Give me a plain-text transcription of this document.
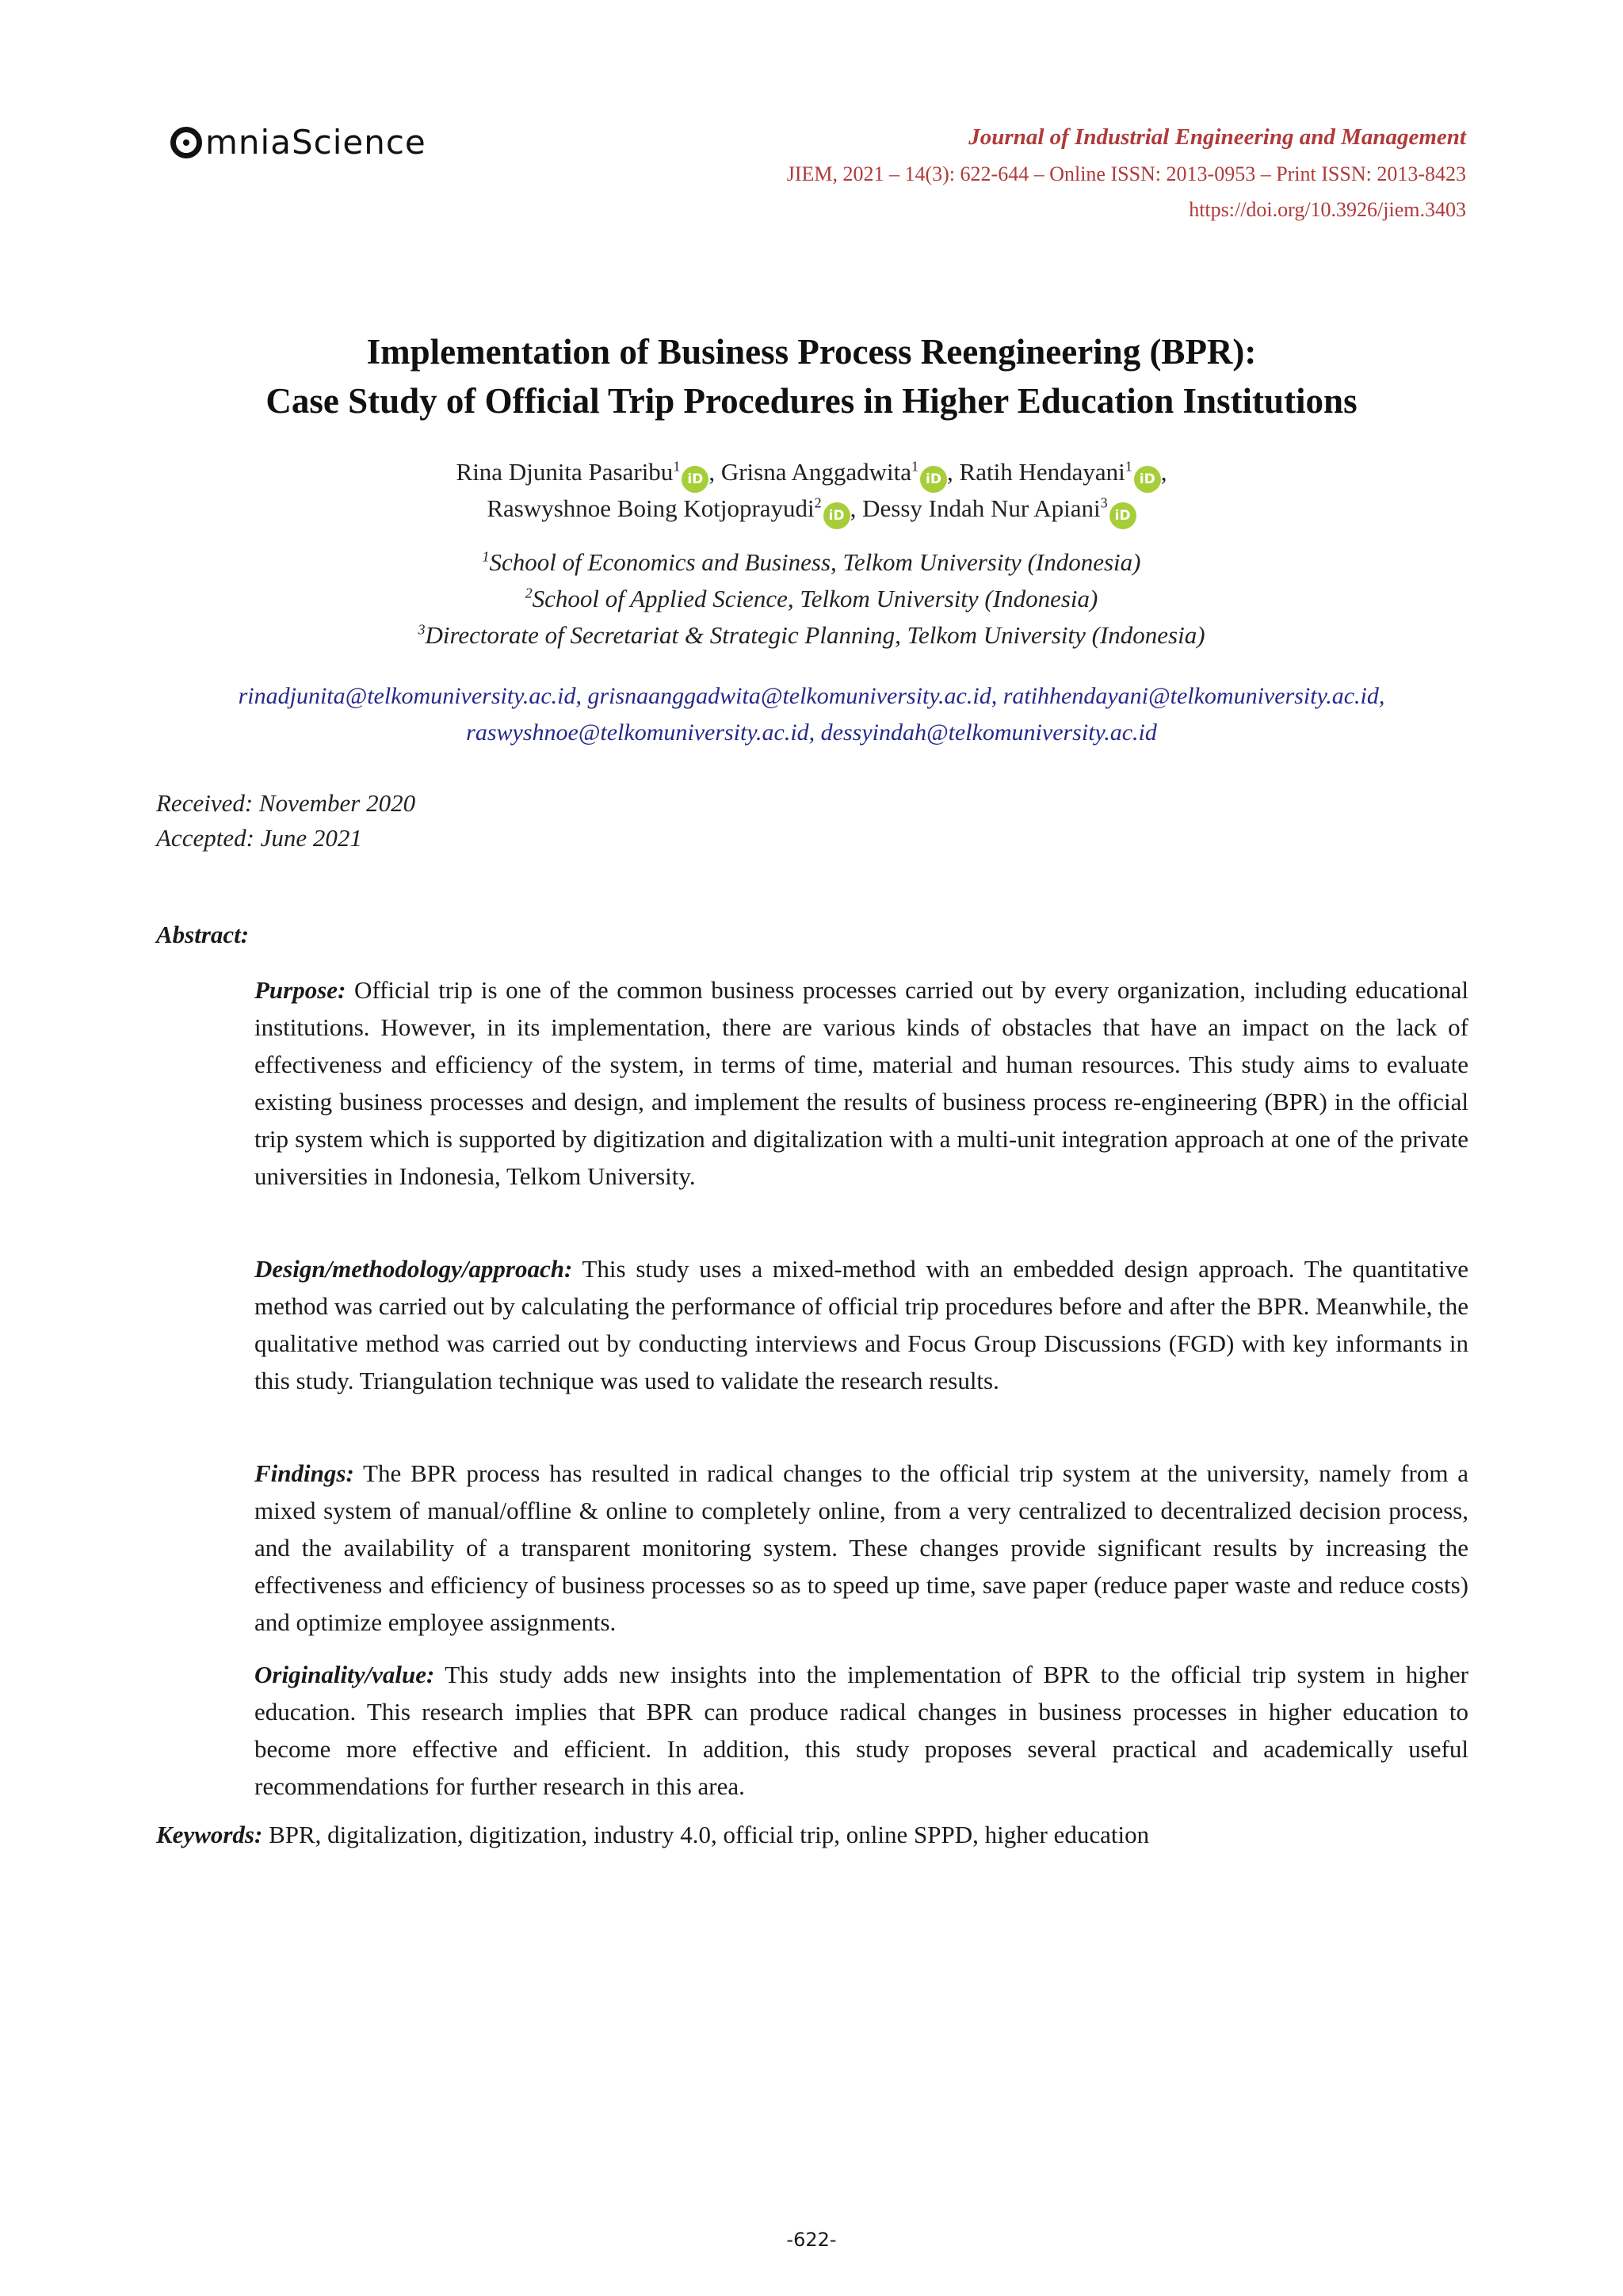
mniaScience	Journal of Industrial Engineering and Management
JIEM, 2021 – 14(3): 622-644 – Online ISSN: 2013-0953 – Print ISSN: 2013-8423
https://doi.org/10.3926/jiem.3403
Implementation of Business Process Reengineering (BPR):
Case Study of Official Trip Procedures in Higher Education Institutions
Rina Djunita Pasaribu$^1$iD , Grisna Anggadwita$^1$iD , Ratih Hendayani$^1$iD ,
Raswyshnoe Boing Kotjoprayudi$^2$iD , Dessy Indah Nur Apiani$^3$iD
$^1$School of Economics and Business, Telkom University (Indonesia)
$^2$School of Applied Science, Telkom University (Indonesia)
$^3$Directorate of Secretariat & Strategic Planning, Telkom University (Indonesia)
rinadjunita@telkomuniversity.ac.id, grisnaanggadwita@telkomuniversity.ac.id, ratihhendayani@telkomuniversity.ac.id,
raswyshnoe@telkomuniversity.ac.id, dessyindah@telkomuniversity.ac.id
Received: November 2020
Accepted: June 2021
Abstract:
Purpose: Official trip is one of the common business processes carried out by every organization, including educational institutions. However, in its implementation, there are various kinds of obstacles that have an impact on the lack of effectiveness and efficiency of the system, in terms of time, material and human resources. This study aims to evaluate existing business processes and design, and implement the results of business process re-engineering (BPR) in the official trip system which is supported by digitization and digitalization with a multi-unit integration approach at one of the private universities in Indonesia, Telkom University.
Design/methodology/approach: This study uses a mixed-method with an embedded design approach. The quantitative method was carried out by calculating the performance of official trip procedures before and after the BPR. Meanwhile, the qualitative method was carried out by conducting interviews and Focus Group Discussions (FGD) with key informants in this study. Triangulation technique was used to validate the research results.
Findings: The BPR process has resulted in radical changes to the official trip system at the university, namely from a mixed system of manual/offline & online to completely online, from a very centralized to decentralized decision process, and the availability of a transparent monitoring system. These changes provide significant results by increasing the effectiveness and efficiency of business processes so as to speed up time, save paper (reduce paper waste and reduce costs) and optimize employee assignments.
Originality/value: This study adds new insights into the implementation of BPR to the official trip system in higher education. This research implies that BPR can produce radical changes in business processes in higher education to become more effective and efficient. In addition, this study proposes several practical and academically useful recommendations for further research in this area.
Keywords: BPR, digitalization, digitization, industry 4.0, official trip, online SPPD, higher education
-622-
